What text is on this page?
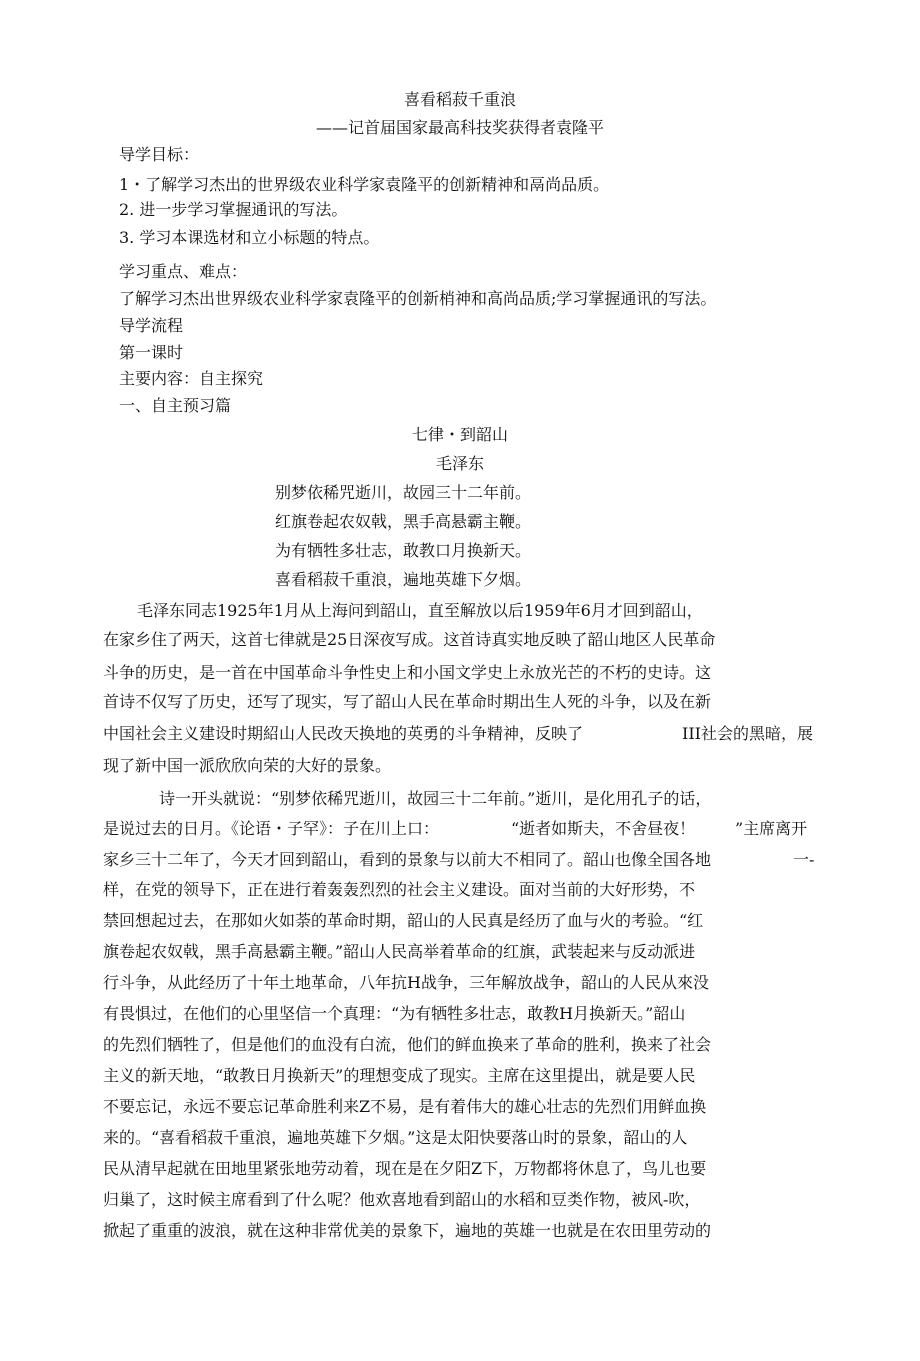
喜看稻菽千重浪
——记首届国家最高科技奖获得者袁隆平
导学目标：
1・了解学习杰出的世界级农业科学家袁隆平的创新精神和鬲尚品质。
2. 进一步学习掌握通讯的写法。
3. 学习本课选材和立小标题的特点。
学习重点、难点：
了解学习杰出世界级农业科学家袁隆平的创新梢神和高尚品质;学习掌握通讯的写法。
导学流程
第一课时
主要内容：自主探究
一、自主预习篇
七律・到韶山
毛泽东
别梦依稀咒逝川，故园三十二年前。
红旗卷起农奴戟，黑手高悬霸主鞭。
为有牺牲多壮志，敢教口月换新天。
喜看稻菽千重浪，遍地英雄下夕烟。
毛泽东同志1925年1月从上海问到韶山，直至解放以后1959年6月才回到韶山，
在家乡住了两天，这首七律就是25日深夜写成。这首诗真实地反映了韶山地区人民革命
斗争的历史，是一首在中国革命斗争性史上和小国文学史上永放光芒的不朽的史诗。这
首诗不仅写了历史，还写了现实，写了韶山人民在革命时期出生人死的斗争，以及在新
中国社会主义建设时期紹山人民改天换地的英勇的斗争精神，反映了	III社会的黑暗，展
现了新中国一派欣欣向荣的大好的景象。
诗一开头就说：“别梦依稀咒逝川，故园三十二年前。”逝川，是化用孔子的话，
是说过去的日月。《论语・子罕》：子在川上口：	“逝者如斯夫，不舍昼夜！ ”主席离开
家乡三十二年了，今天才回到韶山，看到的景象与以前大不相同了。韶山也像全国各地	一-
样，在党的领导下，正在进行着轰轰烈烈的社会主义建设。面对当前的大好形势，不
禁回想起过去，在那如火如荼的革命时期，韶山的人民真是经历了血与火的考验。“红
旗卷起农奴戟，黑手高悬霸主鞭。”韶山人民高举着革命的红旗，武装起来与反动派进
行斗争，从此经历了十年土地革命，八年抗H战争，三年解放战争，韶山的人民从來没
有畏惧过，在他们的心里坚信一个真理：“为有牺牲多壮志，敢教H月换新天。”韶山
的先烈们牺牲了，但是他们的血没有白流，他们的鲜血换来了革命的胜利，换来了社会
主义的新天地，“敢教日月换新天”的理想变成了现实。主席在这里提出，就是要人民
不要忘记，永远不要忘记革命胜利来Z不易，是有着伟大的雄心壮志的先烈们用鲜血换
来的。“喜看稻菽千重浪，遍地英雄下夕烟。”这是太阳快要落山时的景象，韶山的人
民从清早起就在田地里紧张地劳动着，现在是在夕阳Z下，万物都将休息了，鸟儿也要
归巢了，这时候主席看到了什么呢？他欢喜地看到韶山的水稻和豆类作物，被风-吹，
掀起了重重的波浪，就在这种非常优美的景象下，遍地的英雄一也就是在农田里劳动的
